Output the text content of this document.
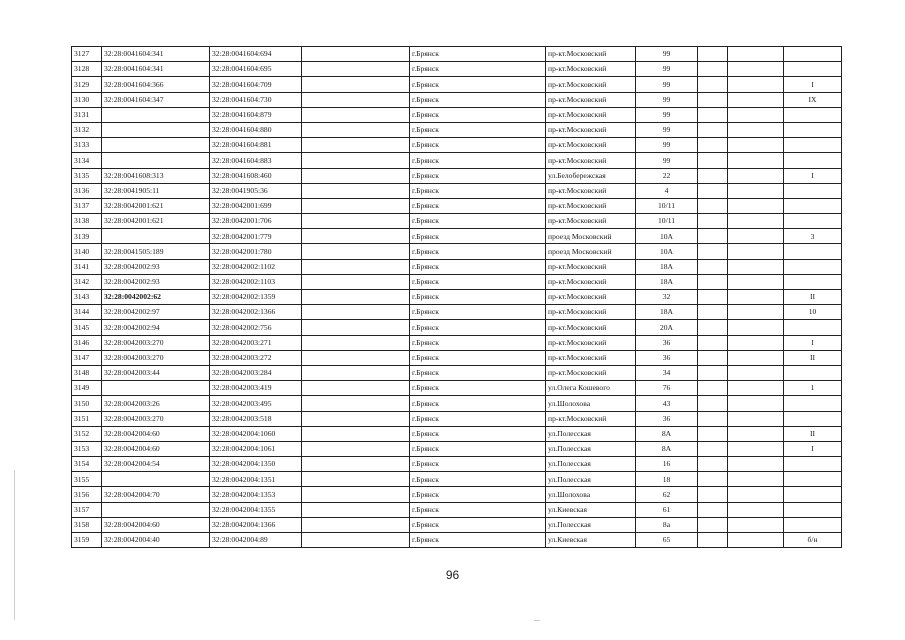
3127	32:28:0041604:341	32:28:0041604:694		г.Брянск	пр-кт.Московский	99			
3128	32:28:0041604:341	32:28:0041604:695		г.Брянск	пр-кт.Московский	99			
3129	32:28:0041604:366	32:28:0041604:709		г.Брянск	пр-кт.Московский	99			I
3130	32:28:0041604:347	32:28:0041604:730		г.Брянск	пр-кт.Московский	99			IX
3131		32:28:0041604:879		г.Брянск	пр-кт.Московский	99			
3132		32:28:0041604:880		г.Брянск	пр-кт.Московский	99			
3133		32:28:0041604:881		г.Брянск	пр-кт.Московский	99			
3134		32:28:0041604:883		г.Брянск	пр-кт.Московский	99			
3135	32:28:0041608:313	32:28:0041608:460		г.Брянск	ул.Белобережская	22			I
3136	32:28:0041905:11	32:28:0041905:36		г.Брянск	пр-кт.Московский	4			
3137	32:28:0042001:621	32:28:0042001:699		г.Брянск	пр-кт.Московский	10/11			
3138	32:28:0042001:621	32:28:0042001:706		г.Брянск	пр-кт.Московский	10/11			
3139		32:28:0042001:779		г.Брянск	проезд Московский	10А			3
3140	32:28:0041505:189	32:28:0042001:780		г.Брянск	проезд Московский	10А			
3141	32:28:0042002:93	32:28:0042002:1102		г.Брянск	пр-кт.Московский	18А			
3142	32:28:0042002:93	32:28:0042002:1103		г.Брянск	пр-кт.Московский	18А			
3143	32:28:0042002:62	32:28:0042002:1359		г.Брянск	пр-кт.Московский	32			II
3144	32:28:0042002:97	32:28:0042002:1366		г.Брянск	пр-кт.Московский	18А			10
3145	32:28:0042002:94	32:28:0042002:756		г.Брянск	пр-кт.Московский	20А			
3146	32:28:0042003:270	32:28:0042003:271		г.Брянск	пр-кт.Московский	36			I
3147	32:28:0042003:270	32:28:0042003:272		г.Брянск	пр-кт.Московский	36			II
3148	32:28:0042003:44	32:28:0042003:284		г.Брянск	пр-кт.Московский	34			
3149		32:28:0042003:419		г.Брянск	ул.Олега Кошевого	76			1
3150	32:28:0042003:26	32:28:0042003:495		г.Брянск	ул.Шолохова	43			
3151	32:28:0042003:270	32:28:0042003:518		г.Брянск	пр-кт.Московский	36			
3152	32:28:0042004:60	32:28:0042004:1060		г.Брянск	ул.Полесская	8А			II
3153	32:28:0042004:60	32:28:0042004:1061		г.Брянск	ул.Полесская	8А			I
3154	32:28:0042004:54	32:28:0042004:1350		г.Брянск	ул.Полесская	16			
3155		32:28:0042004:1351		г.Брянск	ул.Полесская	18			
3156	32:28:0042004:70	32:28:0042004:1353		г.Брянск	ул.Шолохова	62			
3157		32:28:0042004:1355		г.Брянск	ул.Киевская	61			
3158	32:28:0042004:60	32:28:0042004:1366		г.Брянск	ул.Полесская	8а			
3159	32:28:0042004:40	32:28:0042004:89		г.Брянск	ул.Киевская	65			б/н
96
